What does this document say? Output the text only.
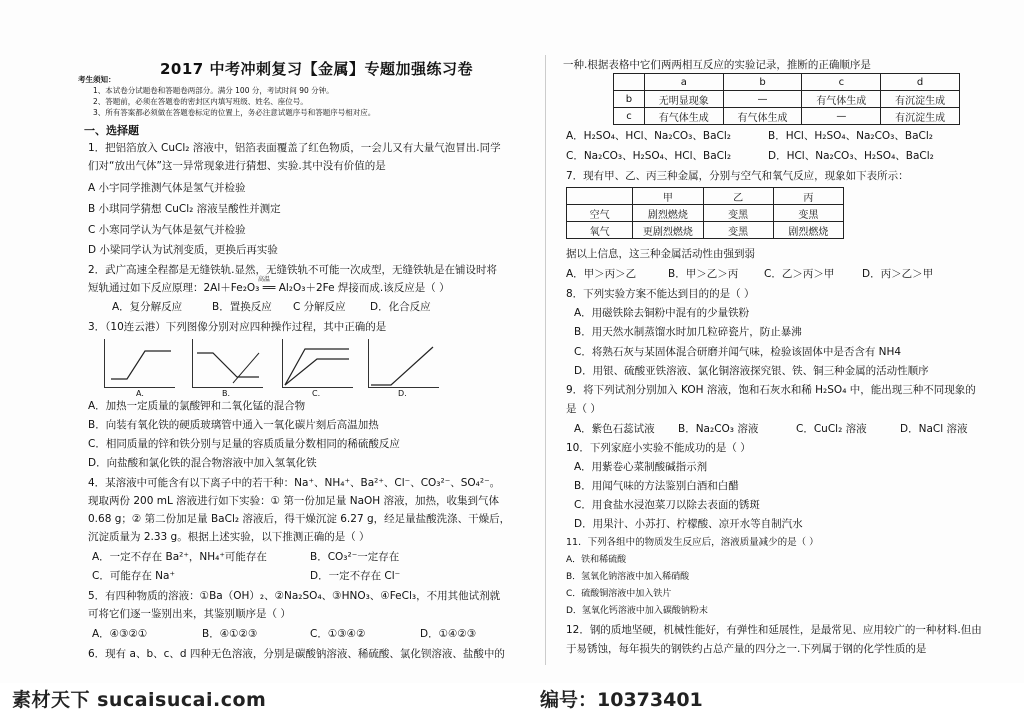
2017 中考冲刺复习【金属】专题加强练习卷
考生须知：
1、本试卷分试题卷和答题卷两部分。满分 100 分，考试时间 90 分钟。
2、答题前，必须在答题卷的密封区内填写班级、姓名、座位号。
3、所有答案都必须做在答题卷标定的位置上，务必注意试题序号和答题序号相对应。
一、选择题
1．把铝箔放入 CuCl₂ 溶液中，铝箔表面覆盖了红色物质，一会儿又有大量气泡冒出.同学
们对“放出气体”这一异常现象进行猜想、实验.其中没有价值的是
A 小宇同学推测气体是氢气并检验
B 小琪同学猜想 CuCl₂ 溶液呈酸性并测定
C 小寒同学认为气体是氨气并检验
D 小梁同学认为试剂变质，更换后再实验
2．武广高速全程都是无缝铁轨.显然，无缝铁轨不可能一次成型，无缝铁轨是在铺设时将
短轨通过如下反应原理：2Al＋Fe₂O₃ ══ Al₂O₃＋2Fe 焊接而成.该反应是（ ）
高温
A．复分解反应	B．置换反应 C 分解反应 D．化合反应
3．（10连云港）下列图像分别对应四种操作过程，其中正确的是
A.	B.	C.	D.
A．加热一定质量的氯酸钾和二氧化锰的混合物
B．向装有氧化铁的硬质玻璃管中通入一氧化碳片刻后高温加热
C．相同质量的锌和铁分别与足量的容质质量分数相同的稀硫酸反应
D．向盐酸和氯化铁的混合物溶液中加入氢氧化铁
4．某溶液中可能含有以下离子中的若干种：Na⁺、NH₄⁺、Ba²⁺、Cl⁻、CO₃²⁻、SO₄²⁻。
现取两份 200 mL 溶液进行如下实验：① 第一份加足量 NaOH 溶液，加热，收集到气体
0.68 g；② 第二份加足量 BaCl₂ 溶液后，得干燥沉淀 6.27 g，经足量盐酸洗涤、干燥后，
沉淀质量为 2.33 g。根据上述实验，以下推测正确的是（ ）
A．一定不存在 Ba²⁺，NH₄⁺可能存在	B．CO₃²⁻一定存在
C．可能存在 Na⁺	D．一定不存在 Cl⁻
5．有四种物质的溶液：①Ba（OH）₂、②Na₂SO₄、③HNO₃、④FeCl₃，不用其他试剂就
可将它们逐一鉴别出来，其鉴别顺序是（ ）
A．④③②①	B．④①②③	C．①③④②	D．①④②③
6．现有 a、b、c、d 四种无色溶液，分别是碳酸钠溶液、稀硫酸、氯化钡溶液、盐酸中的
一种.根据表格中它们两两相互反应的实验记录，推断的正确顺序是
	a	b	c	d
b	无明显现象	—	有气体生成	有沉淀生成
c	有气体生成	有气体生成	—	有沉淀生成
A．H₂SO₄、HCl、Na₂CO₃、BaCl₂	B．HCl、H₂SO₄、Na₂CO₃、BaCl₂
C．Na₂CO₃、H₂SO₄、HCl、BaCl₂	D．HCl、Na₂CO₃、H₂SO₄、BaCl₂
7．现有甲、乙、丙三种金属，分别与空气和氧气反应，现象如下表所示：
	甲	乙	丙
空气	剧烈燃烧	变黑	变黑
氧气	更剧烈燃烧	变黑	剧烈燃烧
据以上信息，这三种金属活动性由强到弱
A．甲＞丙＞乙	B．甲＞乙＞丙 C．乙＞丙＞甲	D．丙＞乙＞甲
8．下列实验方案不能达到目的的是（ ）
A．用磁铁除去铜粉中混有的少量铁粉
B．用天然水制蒸馏水时加几粒碎瓷片，防止暴沸
C．将熟石灰与某固体混合研磨并闻气味，检验该固体中是否含有 NH4
D．用银、硫酸亚铁溶液、氯化铜溶液探究银、铁、铜三种金属的活动性顺序
9．将下列试剂分别加入 KOH 溶液，饱和石灰水和稀 H₂SO₄ 中，能出现三种不同现象的
是（ ）
A．紫色石蕊试液 B．Na₂CO₃ 溶液	C．CuCl₂ 溶液	D．NaCl 溶液
10．下列家庭小实验不能成功的是（ ）
A．用紫卷心菜制酸碱指示剂
B．用闻气味的方法鉴别白酒和白醋
C．用食盐水浸泡菜刀以除去表面的锈斑
D．用果汁、小苏打、柠檬酸、凉开水等自制汽水
11．下列各组中的物质发生反应后，溶液质量减少的是（ ）
A．铁和稀硫酸
B．氢氧化钠溶液中加入稀硝酸
C．硫酸铜溶液中加入铁片
D．氢氧化钙溶液中加入碳酸钠粉末
12．钢的质地坚硬，机械性能好，有弹性和延展性，是最常见、应用较广的一种材料.但由
于易锈蚀，每年损失的钢铁约占总产量的四分之一.下列属于钢的化学性质的是
素材天下 sucaisucai.com	编号：10373401
